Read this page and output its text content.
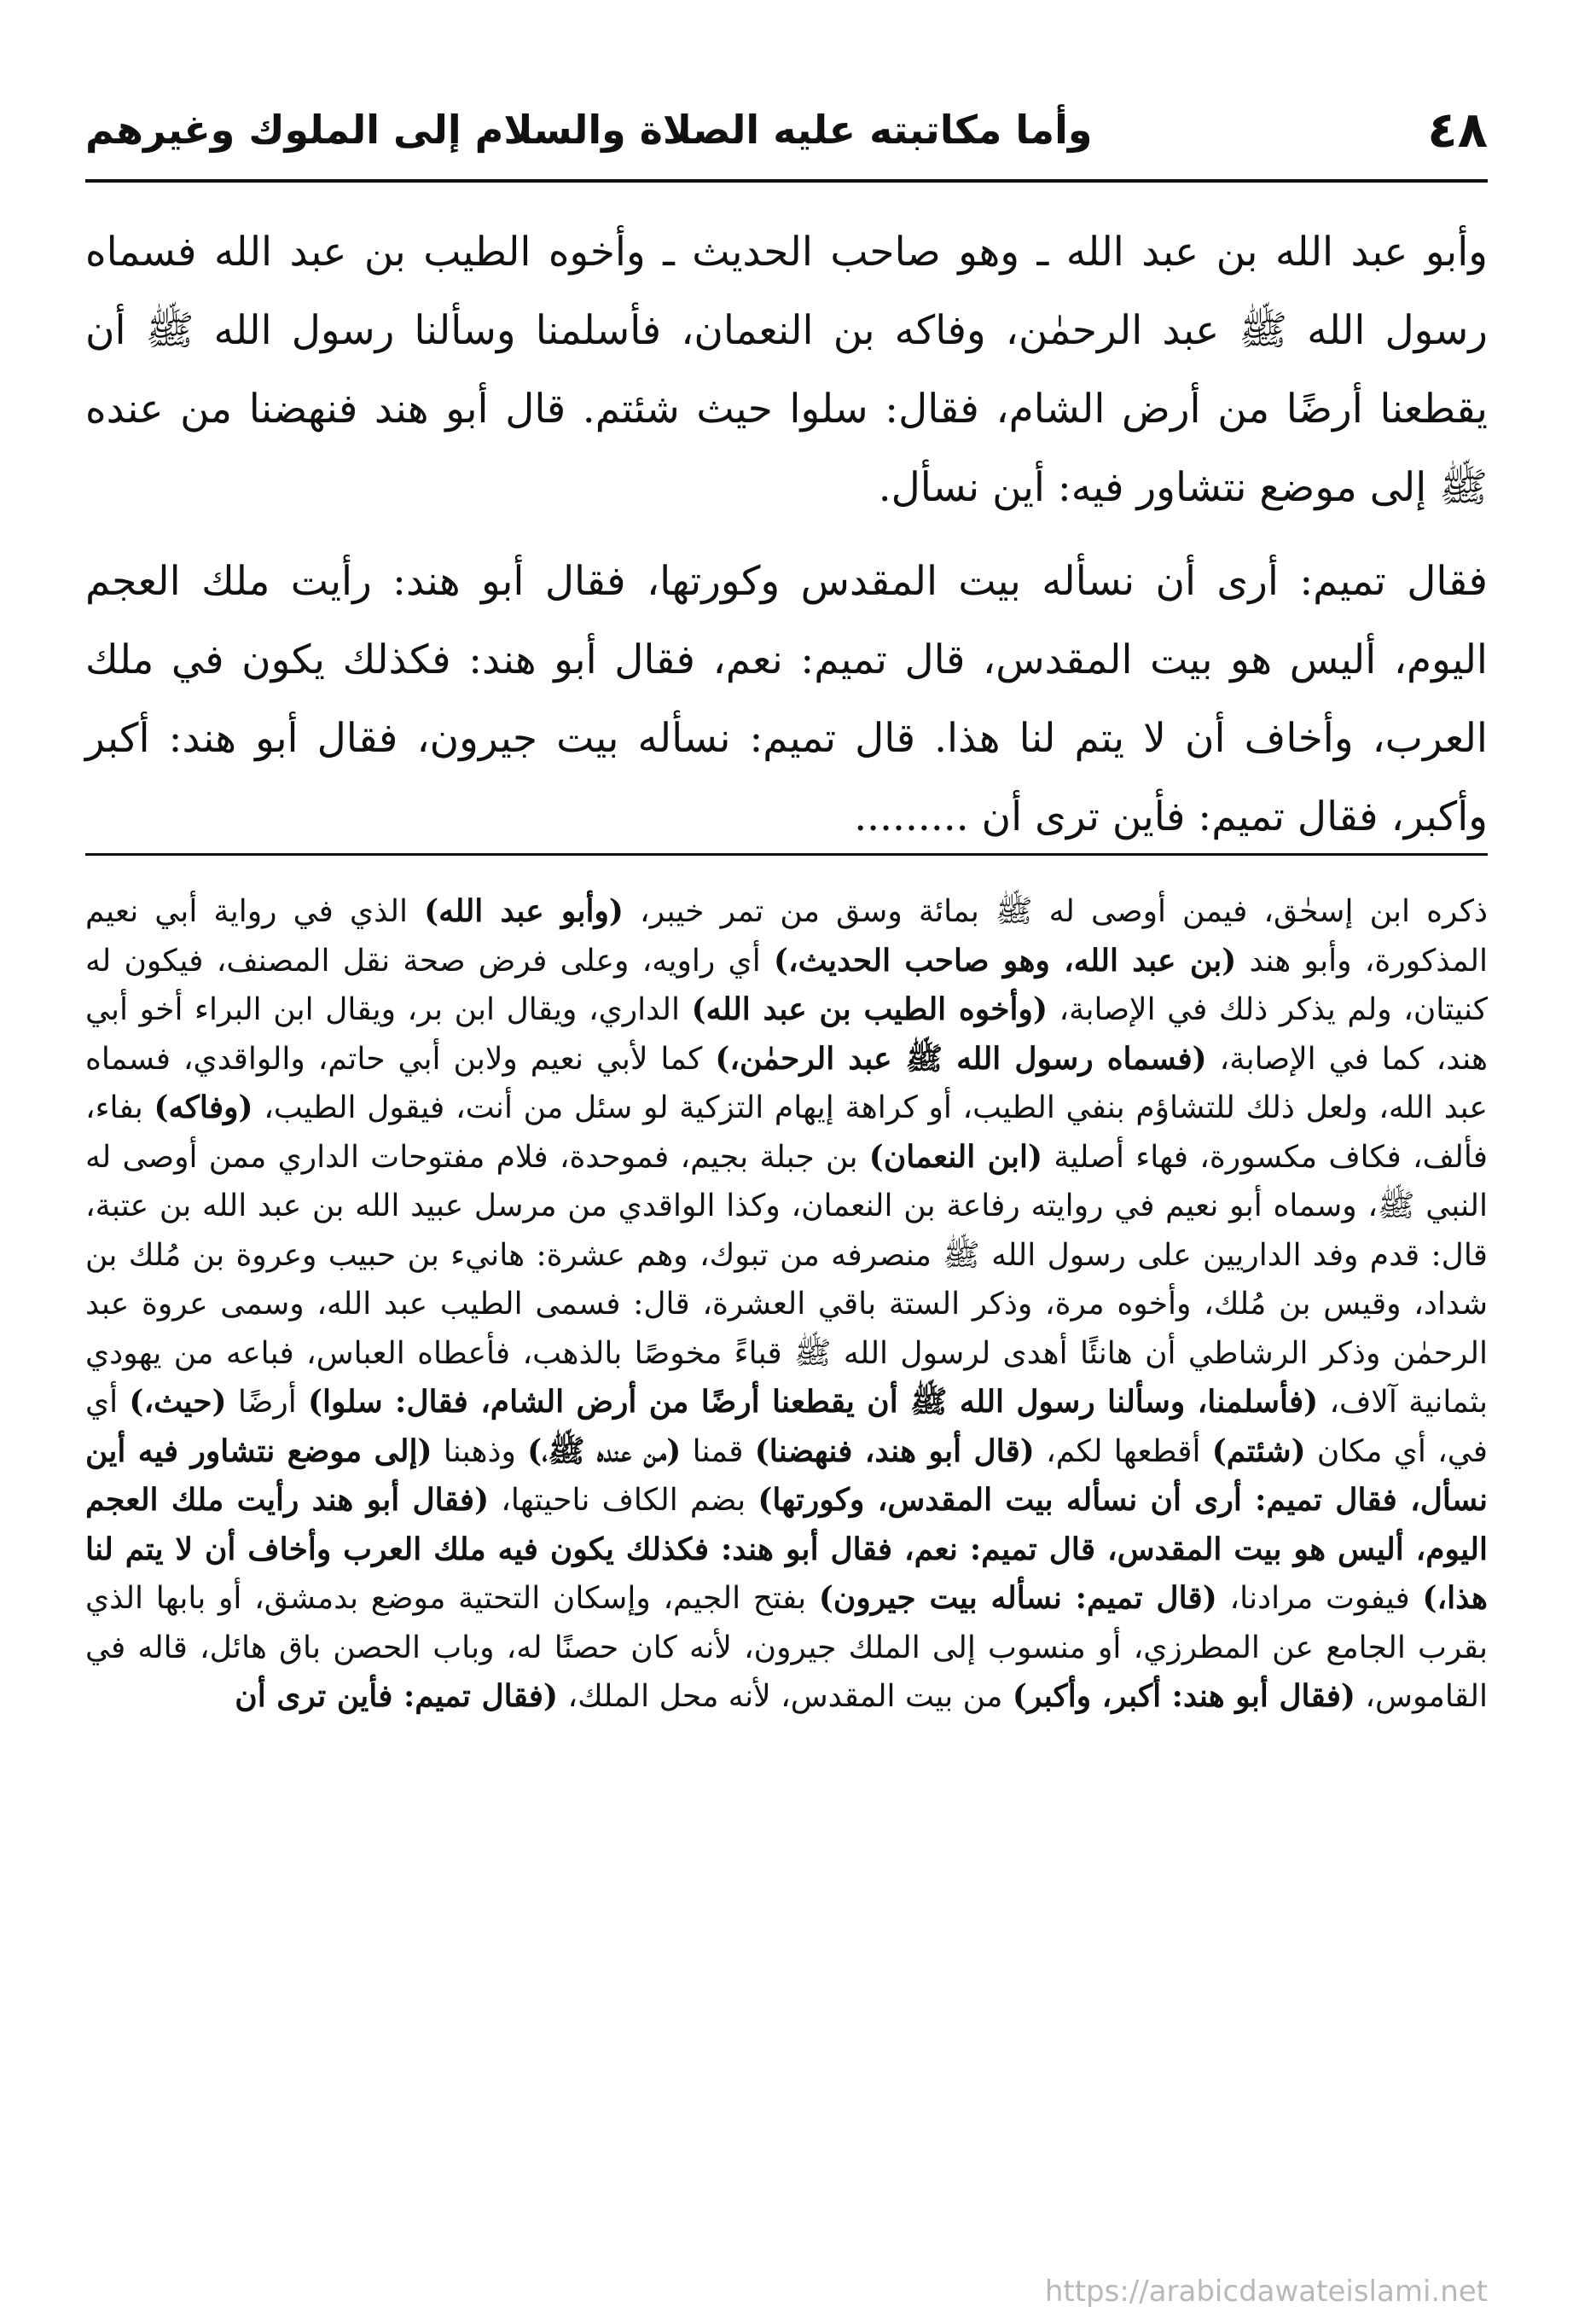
٤٨
وأما مكاتبته عليه الصلاة والسلام إلى الملوك وغيرهم

وأبو عبد الله بن عبد الله ـ وهو صاحب الحديث ـ وأخوه الطيب بن عبد الله فسماه رسول الله ﷺ عبد الرحمٰن، وفاكه بن النعمان، فأسلمنا وسألنا رسول الله ﷺ أن يقطعنا أرضًا من أرض الشام، فقال: سلوا حيث شئتم. قال أبو هند فنهضنا من عنده ﷺ إلى موضع نتشاور فيه: أين نسأل.

فقال تميم: أرى أن نسأله بيت المقدس وكورتها، فقال أبو هند: رأيت ملك العجم اليوم، أليس هو بيت المقدس، قال تميم: نعم، فقال أبو هند: فكذلك يكون في ملك العرب، وأخاف أن لا يتم لنا هذا. قال تميم: نسأله بيت جيرون، فقال أبو هند: أكبر وأكبر، فقال تميم: فأين ترى أن .........

ذكره ابن إسحٰق، فيمن أوصى له ﷺ بمائة وسق من تمر خيبر، (وأبو عبد الله) الذي في رواية أبي نعيم المذكورة، وأبو هند (بن عبد الله، وهو صاحب الحديث،) أي راويه، وعلى فرض صحة نقل المصنف، فيكون له كنيتان، ولم يذكر ذلك في الإصابة، (وأخوه الطيب بن عبد الله) الداري، ويقال ابن بر، ويقال ابن البراء أخو أبي هند، كما في الإصابة، (فسماه رسول الله ﷺ عبد الرحمٰن،) كما لأبي نعيم ولابن أبي حاتم، والواقدي، فسماه عبد الله، ولعل ذلك للتشاؤم بنفي الطيب، أو كراهة إيهام التزكية لو سئل من أنت، فيقول الطيب، (وفاكه) بفاء، فألف، فكاف مكسورة، فهاء أصلية (ابن النعمان) بن جبلة بجيم، فموحدة، فلام مفتوحات الداري ممن أوصى له النبي ﷺ، وسماه أبو نعيم في روايته رفاعة بن النعمان، وكذا الواقدي من مرسل عبيد الله بن عبد الله بن عتبة، قال: قدم وفد الداريين على رسول الله ﷺ منصرفه من تبوك، وهم عشرة: هانيء بن حبيب وعروة بن مُلك بن شداد، وقيس بن مُلك، وأخوه مرة، وذكر الستة باقي العشرة، قال: فسمى الطيب عبد الله، وسمى عروة عبد الرحمٰن وذكر الرشاطي أن هانئًا أهدى لرسول الله ﷺ قباءً مخوصًا بالذهب، فأعطاه العباس، فباعه من يهودي بثمانية آلاف، (فأسلمنا، وسألنا رسول الله ﷺ أن يقطعنا أرضًا من أرض الشام، فقال: سلوا) أرضًا (حيث،) أي في، أي مكان (شئتم) أقطعها لكم، (قال أبو هند، فنهضنا) قمنا (من عنده ﷺ،) وذهبنا (إلى موضع نتشاور فيه أين نسأل، فقال تميم: أرى أن نسأله بيت المقدس، وكورتها) بضم الكاف ناحيتها، (فقال أبو هند رأيت ملك العجم اليوم، أليس هو بيت المقدس، قال تميم: نعم، فقال أبو هند: فكذلك يكون فيه ملك العرب وأخاف أن لا يتم لنا هذا،) فيفوت مرادنا، (قال تميم: نسأله بيت جيرون) بفتح الجيم، وإسكان التحتية موضع بدمشق، أو بابها الذي بقرب الجامع عن المطرزي، أو منسوب إلى الملك جيرون، لأنه كان حصنًا له، وباب الحصن باق هائل، قاله في القاموس، (فقال أبو هند: أكبر، وأكبر) من بيت المقدس، لأنه محل الملك، (فقال تميم: فأين ترى أن

https://arabicdawateislami.net
